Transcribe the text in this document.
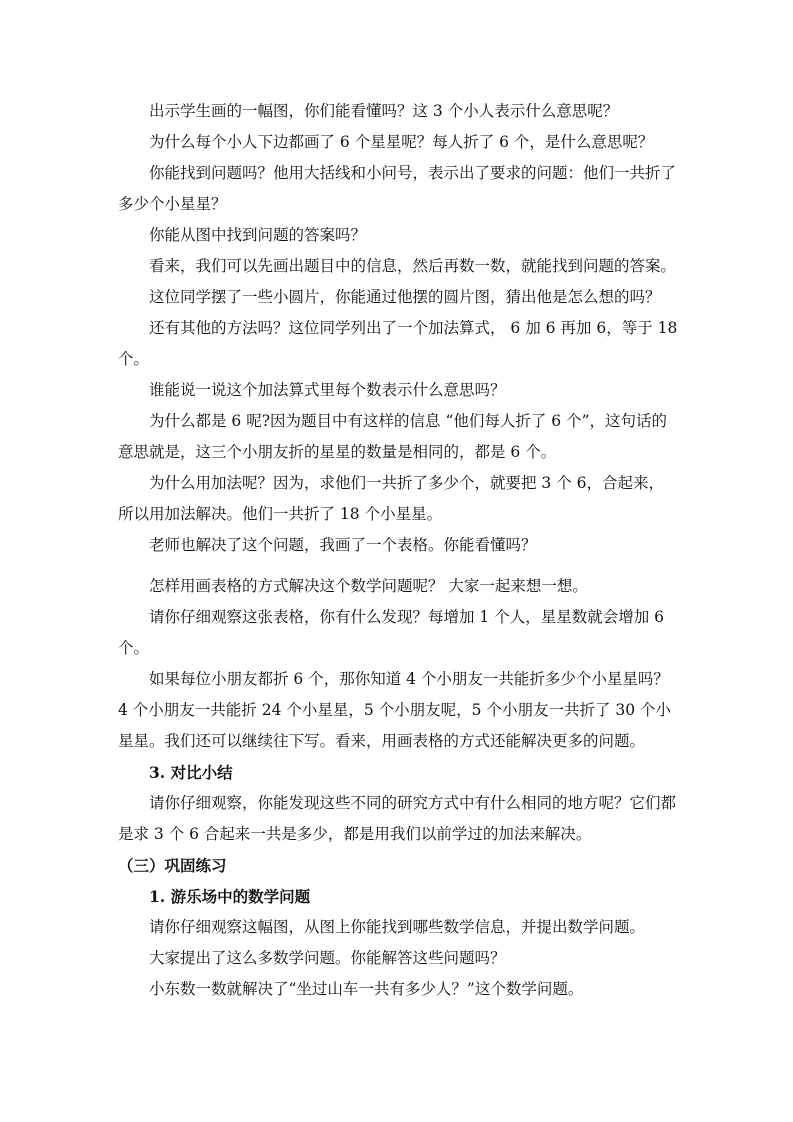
出示学生画的一幅图，你们能看懂吗？这 3 个小人表示什么意思呢？

为什么每个小人下边都画了 6 个星星呢？每人折了 6 个，是什么意思呢？

你能找到问题吗？他用大括线和小问号，表示出了要求的问题：他们一共折了多少个小星星？

你能从图中找到问题的答案吗？

看来，我们可以先画出题目中的信息，然后再数一数，就能找到问题的答案。

这位同学摆了一些小圆片，你能通过他摆的圆片图，猜出他是怎么想的吗？

还有其他的方法吗？这位同学列出了一个加法算式， 6 加 6 再加 6，等于 18 个。

谁能说一说这个加法算式里每个数表示什么意思吗？

为什么都是 6 呢?因为题目中有这样的信息 “他们每人折了 6 个”，这句话的意思就是，这三个小朋友折的星星的数量是相同的，都是 6 个。

为什么用加法呢？因为，求他们一共折了多少个，就要把 3 个 6，合起来，所以用加法解决。他们一共折了 18 个小星星。

老师也解决了这个问题，我画了一个表格。你能看懂吗？

怎样用画表格的方式解决这个数学问题呢？ 大家一起来想一想。

请你仔细观察这张表格，你有什么发现？每增加 1 个人，星星数就会增加 6 个。

如果每位小朋友都折 6 个，那你知道 4 个小朋友一共能折多少个小星星吗？4 个小朋友一共能折 24 个小星星，5 个小朋友呢，5 个小朋友一共折了 30 个小星星。我们还可以继续往下写。看来，用画表格的方式还能解决更多的问题。

3. 对比小结

请你仔细观察，你能发现这些不同的研究方式中有什么相同的地方呢？它们都是求 3 个 6 合起来一共是多少，都是用我们以前学过的加法来解决。

（三）巩固练习

1. 游乐场中的数学问题

请你仔细观察这幅图，从图上你能找到哪些数学信息，并提出数学问题。

大家提出了这么多数学问题。你能解答这些问题吗？

小东数一数就解决了“坐过山车一共有多少人？”这个数学问题。
